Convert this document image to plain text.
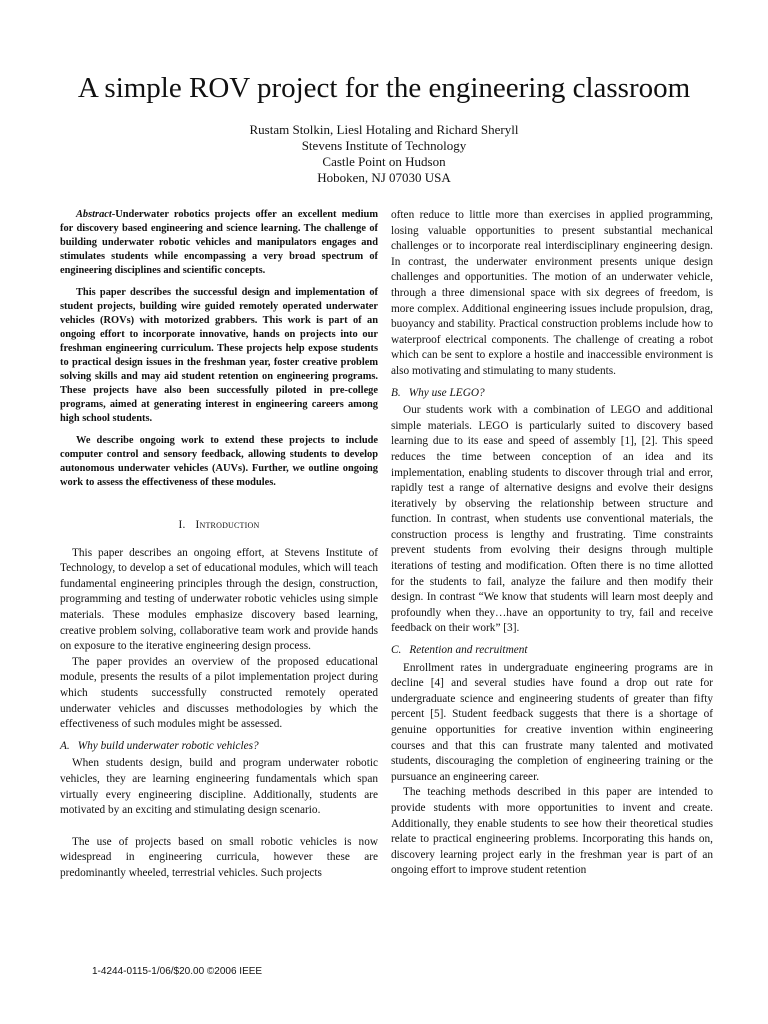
A simple ROV project for the engineering classroom
Rustam Stolkin, Liesl Hotaling and Richard Sheryll
Stevens Institute of Technology
Castle Point on Hudson
Hoboken, NJ 07030 USA

Abstract-Underwater robotics projects offer an excellent medium for discovery based engineering and science learning. The challenge of building underwater robotic vehicles and manipulators engages and stimulates students while encompassing a very broad spectrum of engineering disciplines and scientific concepts.

This paper describes the successful design and implementation of student projects, building wire guided remotely operated underwater vehicles (ROVs) with motorized grabbers. This work is part of an ongoing effort to incorporate innovative, hands on projects into our freshman engineering curriculum. These projects help expose students to practical design issues in the freshman year, foster creative problem solving skills and may aid student retention on engineering programs. These projects have also been successfully piloted in pre-college programs, aimed at generating interest in engineering careers among high school students.

We describe ongoing work to extend these projects to include computer control and sensory feedback, allowing students to develop autonomous underwater vehicles (AUVs). Further, we outline ongoing work to assess the effectiveness of these modules.

I. Introduction

This paper describes an ongoing effort, at Stevens Institute of Technology, to develop a set of educational modules, which will teach fundamental engineering principles through the design, construction, programming and testing of underwater robotic vehicles using simple materials. These modules emphasize discovery based learning, creative problem solving, collaborative team work and provide hands on exposure to the iterative engineering design process.

The paper provides an overview of the proposed educational module, presents the results of a pilot implementation project during which students successfully constructed remotely operated underwater vehicles and discusses methodologies by which the effectiveness of such modules might be assessed.

A. Why build underwater robotic vehicles?

When students design, build and program underwater robotic vehicles, they are learning engineering fundamentals which span virtually every engineering discipline. Additionally, students are motivated by an exciting and stimulating design scenario.

The use of projects based on small robotic vehicles is now widespread in engineering curricula, however these are predominantly wheeled, terrestrial vehicles. Such projects

often reduce to little more than exercises in applied programming, losing valuable opportunities to present substantial mechanical challenges or to incorporate real interdisciplinary engineering design. In contrast, the underwater environment presents unique design challenges and opportunities. The motion of an underwater vehicle, through a three dimensional space with six degrees of freedom, is more complex. Additional engineering issues include propulsion, drag, buoyancy and stability. Practical construction problems include how to waterproof electrical components. The challenge of creating a robot which can be sent to explore a hostile and inaccessible environment is also motivating and stimulating to many students.

B. Why use LEGO?

Our students work with a combination of LEGO and additional simple materials. LEGO is particularly suited to discovery based learning due to its ease and speed of assembly [1], [2]. This speed reduces the time between conception of an idea and its implementation, enabling students to discover through trial and error, rapidly test a range of alternative designs and evolve their designs iteratively by observing the relationship between structure and function. In contrast, when students use conventional materials, the construction process is lengthy and frustrating. Time constraints prevent students from evolving their designs through multiple iterations of testing and modification. Often there is no time allotted for the students to fail, analyze the failure and then modify their design. In contrast “We know that students will learn most deeply and profoundly when they…have an opportunity to try, fail and receive feedback on their work” [3].

C. Retention and recruitment

Enrollment rates in undergraduate engineering programs are in decline [4] and several studies have found a drop out rate for undergraduate science and engineering students of greater than fifty percent [5]. Student feedback suggests that there is a shortage of genuine opportunities for creative invention within engineering courses and that this can frustrate many talented and motivated students, discouraging the completion of engineering training or the pursuance an engineering career.

The teaching methods described in this paper are intended to provide students with more opportunities to invent and create. Additionally, they enable students to see how their theoretical studies relate to practical engineering problems. Incorporating this hands on, discovery learning project early in the freshman year is part of an ongoing effort to improve student retention

1-4244-0115-1/06/$20.00 ©2006 IEEE
